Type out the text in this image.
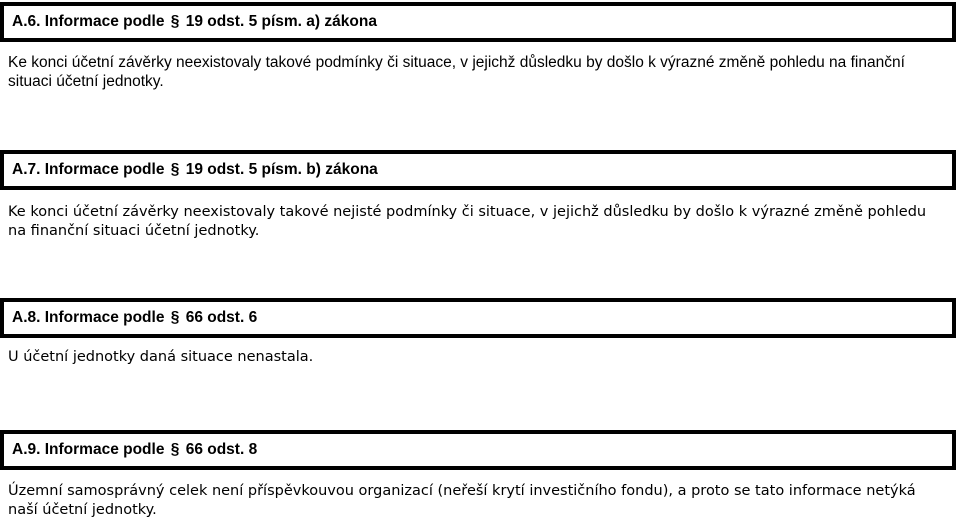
A.6. Informace podle § 19 odst. 5 písm. a) zákona

Ke konci účetní závěrky neexistovaly takové podmínky či situace, v jejichž důsledku by došlo k výrazné změně pohledu na finanční situaci účetní jednotky.

A.7. Informace podle § 19 odst. 5 písm. b) zákona

Ke konci účetní závěrky neexistovaly takové nejisté podmínky či situace, v jejichž důsledku by došlo k výrazné změně pohledu na finanční situaci účetní jednotky.

A.8. Informace podle § 66 odst. 6

U účetní jednotky daná situace nenastala.

A.9. Informace podle § 66 odst. 8

Územní samosprávný celek není příspěvkouvou organizací (neřeší krytí investičního fondu), a proto se tato informace netýká naší účetní jednotky.
